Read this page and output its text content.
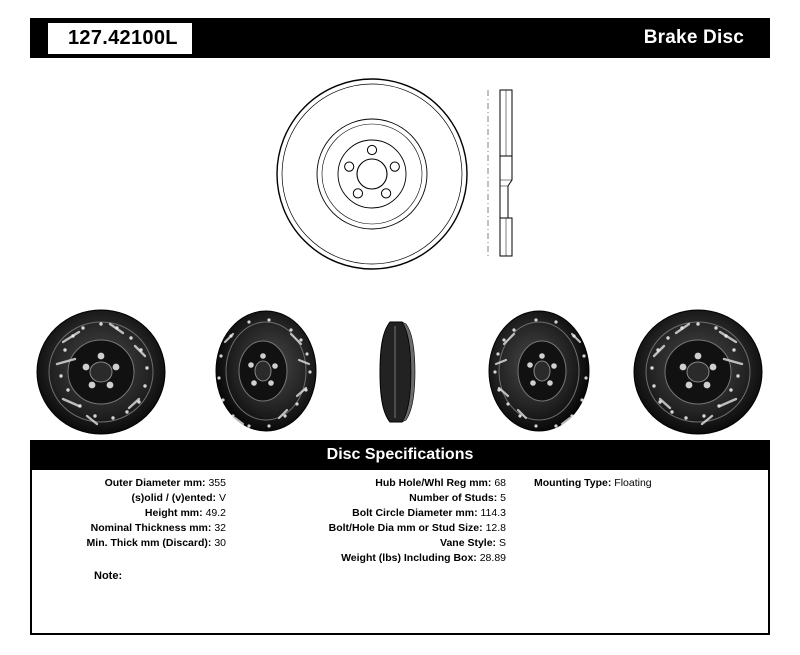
127.42100L	Brake Disc
Disc Specifications
Outer Diameter mm: 355
(s)olid / (v)ented: V
Height mm: 49.2
Nominal Thickness mm: 32
Min. Thick mm (Discard): 30
Hub Hole/Whl Reg mm: 68
Number of Studs: 5
Bolt Circle Diameter mm: 114.3
Bolt/Hole Dia mm or Stud Size: 12.8
Vane Style: S
Weight (lbs) Including Box: 28.89
Mounting Type: Floating
Note:
